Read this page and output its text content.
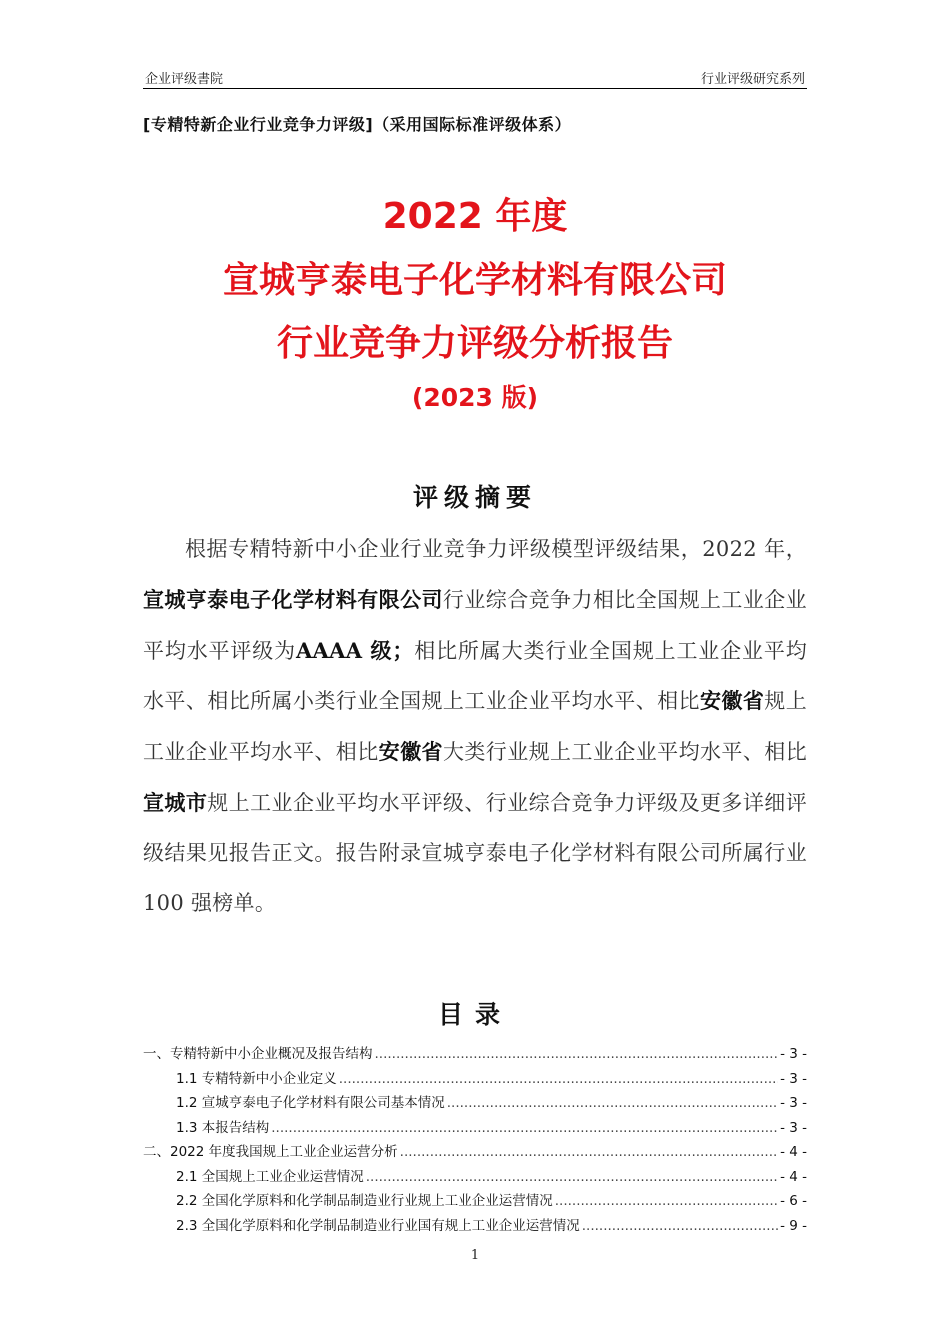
企业评级書院	行业评级研究系列
[专精特新企业行业竞争力评级]（采用国际标准评级体系）
2022 年度
宣城亨泰电子化学材料有限公司
行业竞争力评级分析报告
(2023 版)
评级摘要
根据专精特新中小企业行业竞争力评级模型评级结果，2022 年，宣城亨泰电子化学材料有限公司行业综合竞争力相比全国规上工业企业平均水平评级为AAAA 级；相比所属大类行业全国规上工业企业平均水平、相比所属小类行业全国规上工业企业平均水平、相比安徽省规上工业企业平均水平、相比安徽省大类行业规上工业企业平均水平、相比宣城市规上工业企业平均水平评级、行业综合竞争力评级及更多详细评级结果见报告正文。报告附录宣城亨泰电子化学材料有限公司所属行业 100 强榜单。
目录
一、专精特新中小企业概况及报告结构 .....	- 3 -
1.1 专精特新中小企业定义 .....	- 3 -
1.2 宣城亨泰电子化学材料有限公司基本情况 .....	- 3 -
1.3 本报告结构 .....	- 3 -
二、2022 年度我国规上工业企业运营分析 .....	- 4 -
2.1 全国规上工业企业运营情况 .....	- 4 -
2.2 全国化学原料和化学制品制造业行业规上工业企业运营情况 .....	- 6 -
2.3 全国化学原料和化学制品制造业行业国有规上工业企业运营情况 .....	- 9 -
1
